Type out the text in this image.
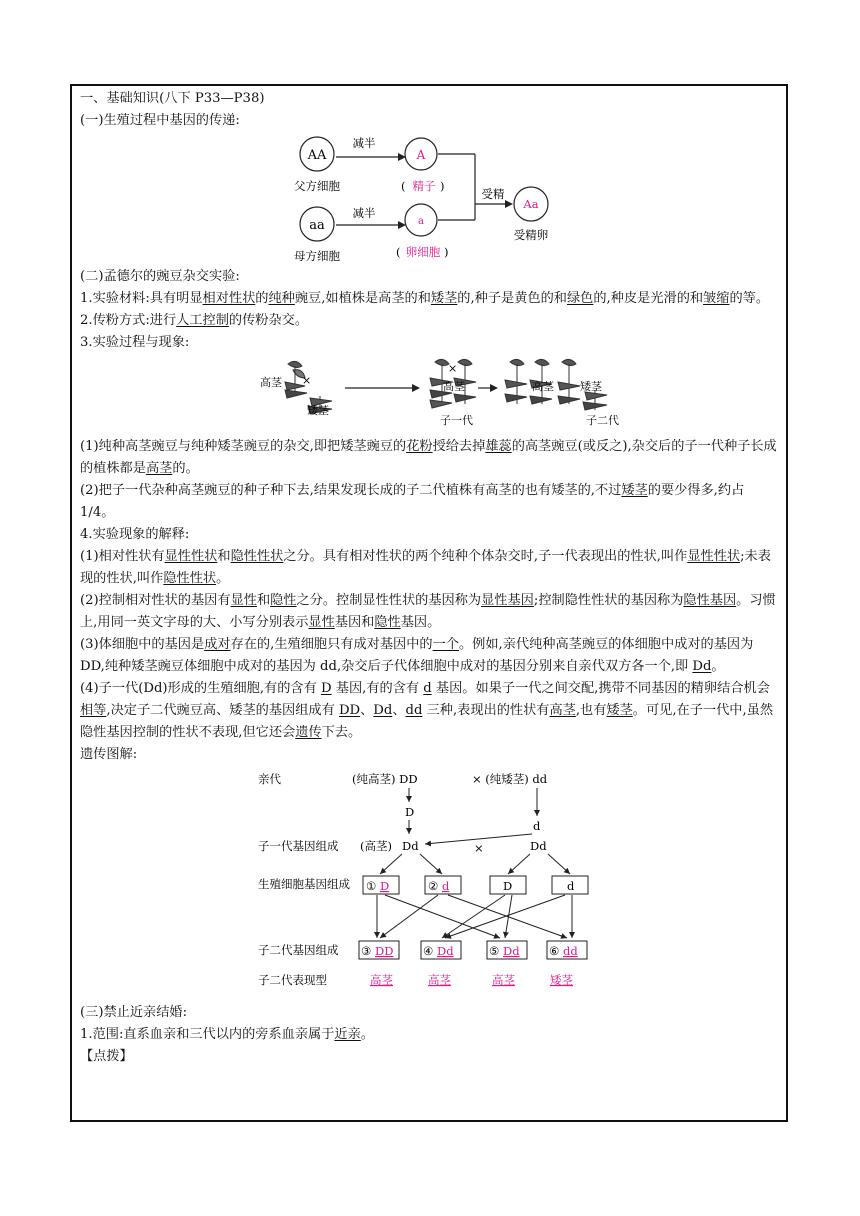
一、基础知识(八下 P33—P38)
(一)生殖过程中基因的传递:
AA
父方细胞
减半
A
( 精子 )
受精
Aa
受精卵
aa
母方细胞
减半
a
( 卵细胞 )
(二)孟德尔的豌豆杂交实验:
1.实验材料:具有明显相对性状的纯种豌豆,如植株是高茎的和矮茎的,种子是黄色的和绿色的,种皮是光滑的和皱缩的等。
2.传粉方式:进行人工控制的传粉杂交。
3.实验过程与现象:
高茎 ×
矮茎
×
高茎
子一代
高茎 矮茎
子二代
(1)纯种高茎豌豆与纯种矮茎豌豆的杂交,即把矮茎豌豆的花粉授给去掉雄蕊的高茎豌豆(或反之),杂交后的子一代种子长成的植株都是高茎的。
(2)把子一代杂种高茎豌豆的种子种下去,结果发现长成的子二代植株有高茎的也有矮茎的,不过矮茎的要少得多,约占 1/4。
4.实验现象的解释:
(1)相对性状有显性性状和隐性性状之分。具有相对性状的两个纯种个体杂交时,子一代表现出的性状,叫作显性性状;未表现的性状,叫作隐性性状。
(2)控制相对性状的基因有显性和隐性之分。控制显性性状的基因称为显性基因;控制隐性性状的基因称为隐性基因。习惯上,用同一英文字母的大、小写分别表示显性基因和隐性基因。
(3)体细胞中的基因是成对存在的,生殖细胞只有成对基因中的一个。例如,亲代纯种高茎豌豆的体细胞中成对的基因为 DD,纯种矮茎豌豆体细胞中成对的基因为 dd,杂交后子代体细胞中成对的基因分别来自亲代双方各一个,即 Dd。
(4)子一代(Dd)形成的生殖细胞,有的含有 D 基因,有的含有 d 基因。如果子一代之间交配,携带不同基因的精卵结合机会相等,决定子二代豌豆高、矮茎的基因组成有 DD、Dd、dd 三种,表现出的性状有高茎,也有矮茎。可见,在子一代中,虽然隐性基因控制的性状不表现,但它还会遗传下去。
遗传图解:
亲代	(纯高茎) DD	× (纯矮茎) dd
D
d
子一代基因组成 (高茎) Dd	×	Dd
生殖细胞基因组成 ① D	② d	D	d
子二代基因组成 ③ DD	④ Dd	⑤ Dd	⑥ dd
子二代表现型	高茎	高茎	高茎	矮茎
(三)禁止近亲结婚:
1.范围:直系血亲和三代以内的旁系血亲属于近亲。
【点拨】
